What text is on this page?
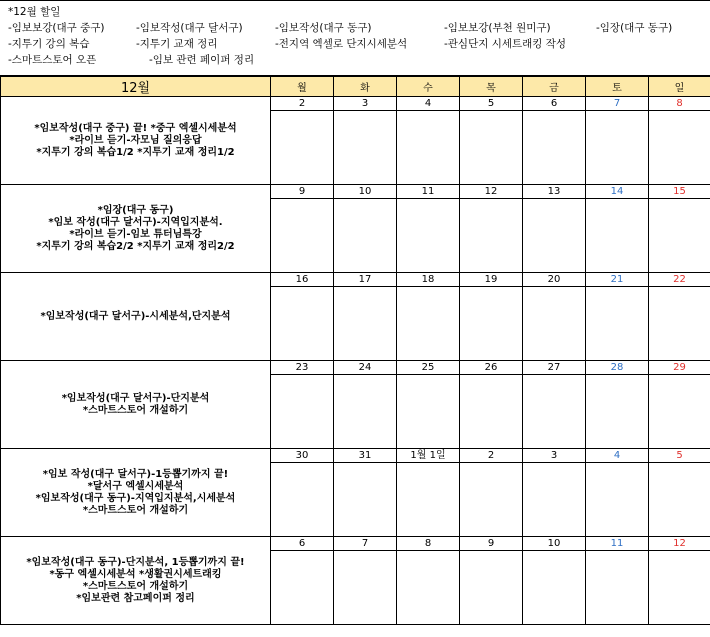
*12월 할일
-임보보강(대구 중구)	-임보작성(대구 달서구)	-임보작성(대구 동구)	-임보보강(부천 원미구)	-임장(대구 동구)
-지투기 강의 복습	-지투기 교재 정리	-전지역 엑셀로 단지시세분석	-관심단지 시세트래킹 작성
-스마트스토어 오픈	-임보 관련 페이퍼 정리
12월	월	화	수	목	금	토	일

*임보작성(대구 중구) 끝! *중구 엑셀시세분석
*라이브 듣기-자모님 질의응답
*지투기 강의 복습1/2 *지투기 교재 정리1/2	2	3	4	5	6	7	8

*임장(대구 동구)
*임보 작성(대구 달서구)-지역입지분석.
*라이브 듣기-임보 튜터님특강
*지투기 강의 복습2/2 *지투기 교재 정리2/2	9	10	11	12	13	14	15

*임보작성(대구 달서구)-시세분석,단지분석	16	17	18	19	20	21	22

*임보작성(대구 달서구)-단지분석
*스마트스토어 개설하기	23	24	25	26	27	28	29

*임보 작성(대구 달서구)-1등뽑기까지 끝!
*달서구 엑셀시세분석
*임보작성(대구 동구)-지역입지분석,시세분석
*스마트스토어 개설하기	30	31	1월 1일	2	3	4	5

*임보작성(대구 동구)-단지분석, 1등뽑기까지 끝!
*동구 엑셀시세분석 *생활권시세트래킹
*스마트스토어 개설하기
*임보관련 참고페이퍼 정리	6	7	8	9	10	11	12
